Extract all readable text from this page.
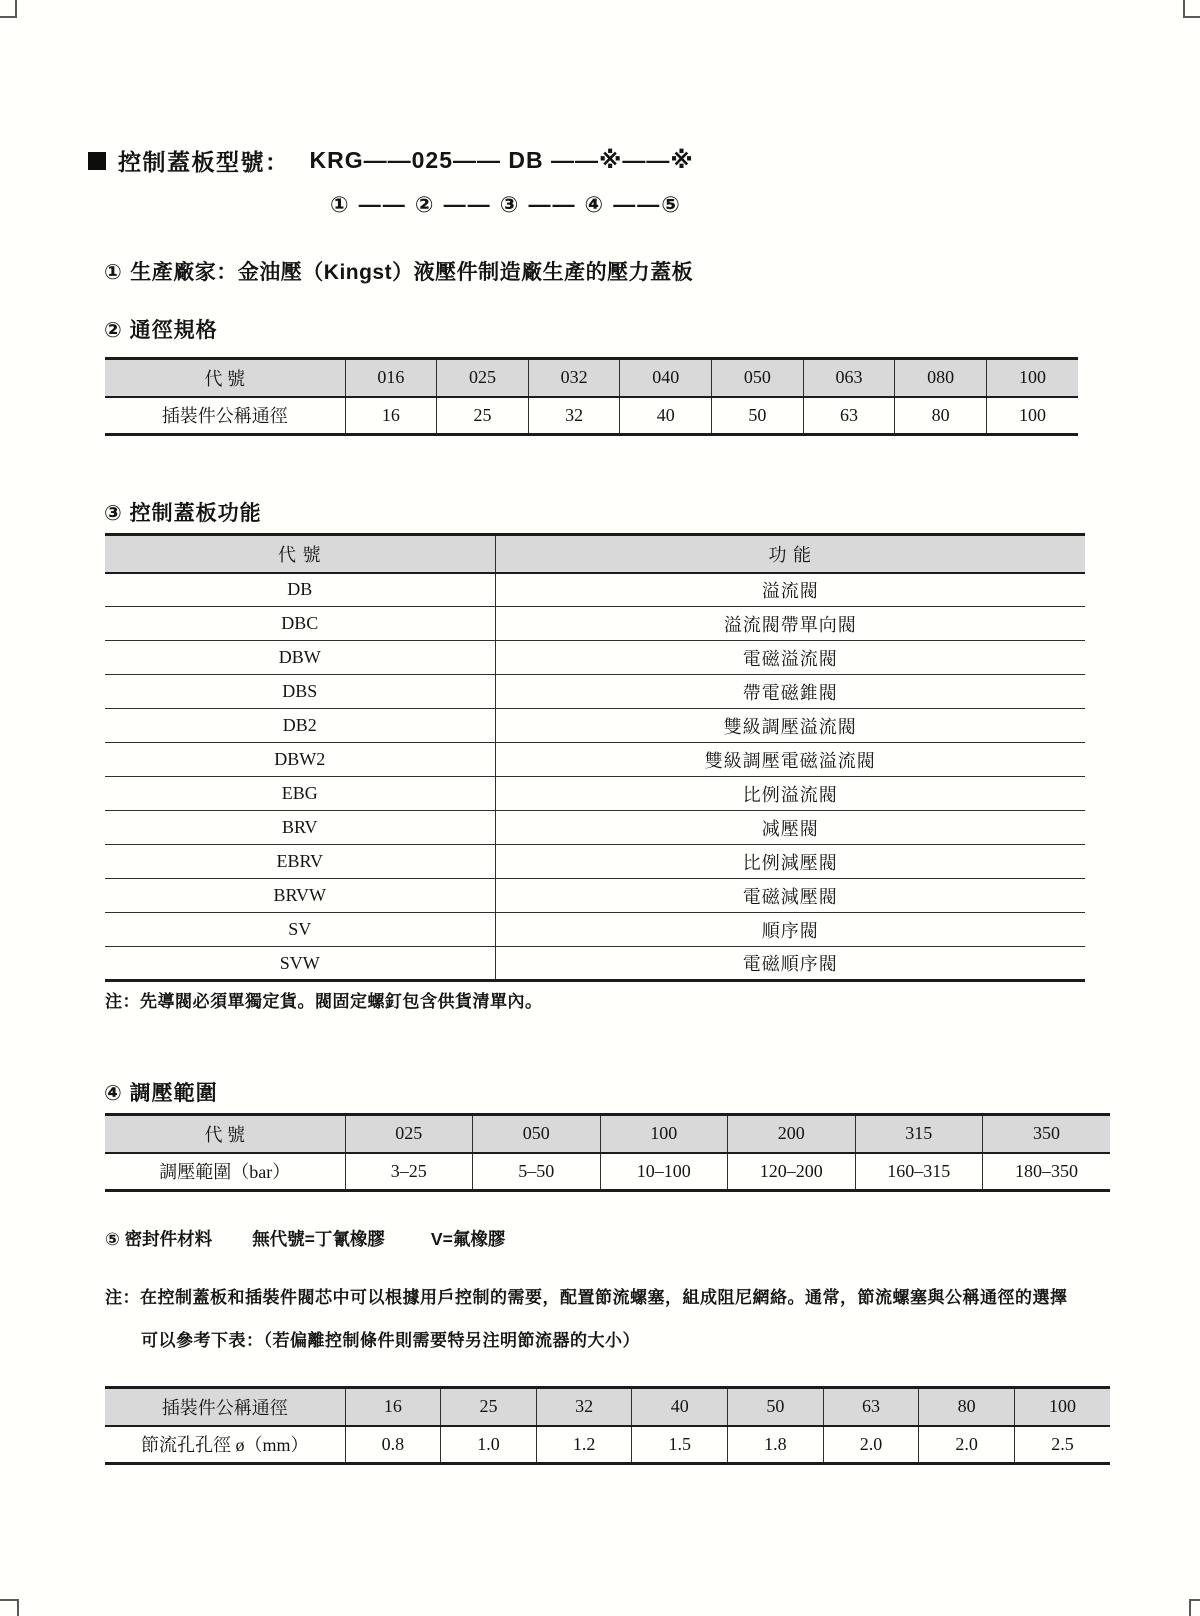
控制蓋板型號： KRG——025—— DB ——※——※
① —— ② —— ③ —— ④ ——⑤
① 生產廠家：金油壓（Kingst）液壓件制造廠生產的壓力蓋板
② 通徑規格
代 號	016	025	032	040	050	063	080	100
插裝件公稱通徑	16	25	32	40	50	63	80	100
③ 控制蓋板功能
代 號	功 能
DB	溢流閥
DBC	溢流閥帶單向閥
DBW	電磁溢流閥
DBS	帶電磁錐閥
DB2	雙級調壓溢流閥
DBW2	雙級調壓電磁溢流閥
EBG	比例溢流閥
BRV	减壓閥
EBRV	比例減壓閥
BRVW	電磁減壓閥
SV	順序閥
SVW	電磁順序閥
注：先導閥必須單獨定貨。閥固定螺釘包含供貨清單內。
④ 調壓範圍
代 號	025	050	100	200	315	350
調壓範圍（bar）	3–25	5–50	10–100	120–200	160–315	180–350
⑤ 密封件材料 無代號=丁氰橡膠	V=氟橡膠
注：在控制蓋板和插裝件閥芯中可以根據用戶控制的需要，配置節流螺塞，組成阻尼網絡。通常，節流螺塞與公稱通徑的選擇
可以參考下表：（若偏離控制條件則需要特另注明節流器的大小）
插裝件公稱通徑	16	25	32	40	50	63	80	100
節流孔孔徑 ø（mm）	0.8	1.0	1.2	1.5	1.8	2.0	2.0	2.5
